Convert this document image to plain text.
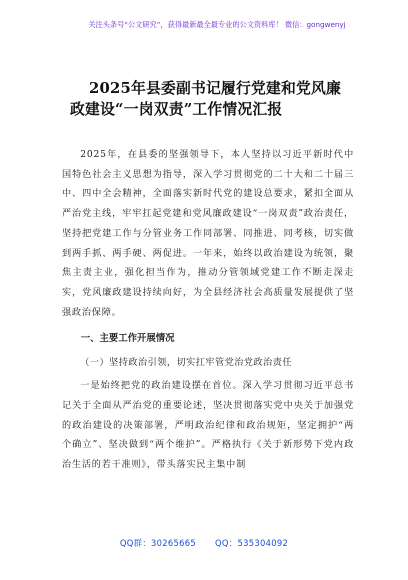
关注头条号“公文研究”，获得最新最全最专业的公文资料库！ 微信：gongwenyj
2025年县委副书记履行党建和党风廉
政建设“一岗双责”工作情况汇报

2025年，在县委的坚强领导下，本人坚持以习近平新时代中国特色社会主义思想为指导，深入学习贯彻党的二十大和二十届三中、四中全会精神，全面落实新时代党的建设总要求，紧扣全面从严治党主线，牢牢扛起党建和党风廉政建设“一岗双责”政治责任，坚持把党建工作与分管业务工作同部署、同推进、同考核，切实做到两手抓、两手硬、两促进。一年来，始终以政治建设为统领，聚焦主责主业，强化担当作为，推动分管领域党建工作不断走深走实，党风廉政建设持续向好，为全县经济社会高质量发展提供了坚强政治保障。

一、主要工作开展情况
（一）坚持政治引领，切实扛牢管党治党政治责任

一是始终把党的政治建设摆在首位。深入学习贯彻习近平总书记关于全面从严治党的重要论述，坚决贯彻落实党中央关于加强党的政治建设的决策部署，严明政治纪律和政治规矩，坚定拥护“两个确立”、坚决做到“两个维护”。严格执行《关于新形势下党内政治生活的若干准则》，带头落实民主集中制

QQ群：30265665 QQ：535304092
